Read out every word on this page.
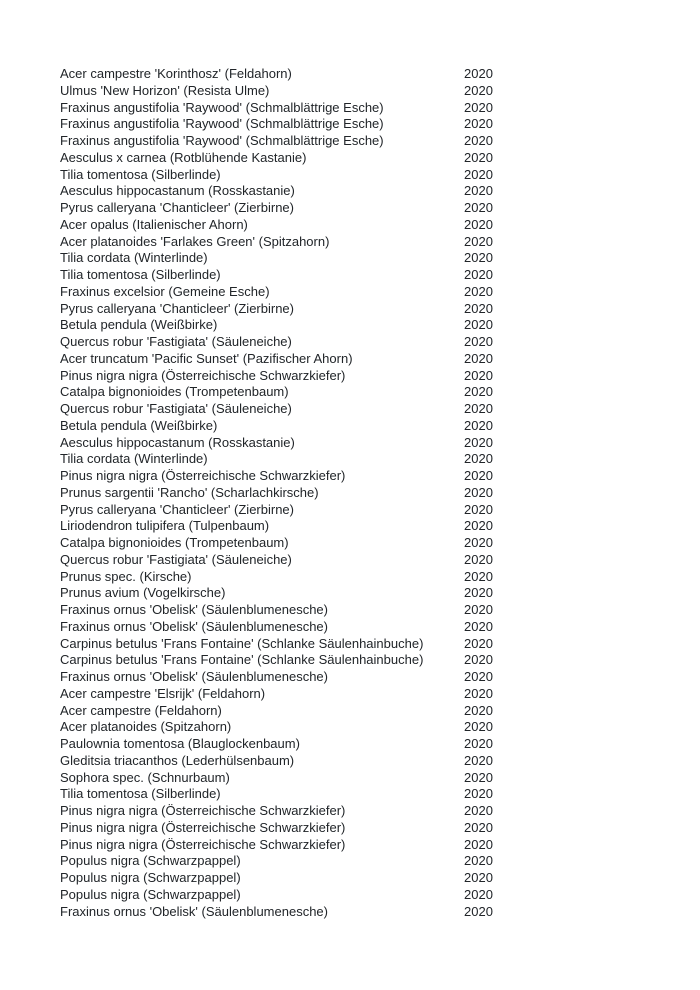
Acer campestre 'Korinthosz' (Feldahorn)	2020
Ulmus 'New Horizon' (Resista Ulme)	2020
Fraxinus angustifolia 'Raywood' (Schmalblättrige Esche)	2020
Fraxinus angustifolia 'Raywood' (Schmalblättrige Esche)	2020
Fraxinus angustifolia 'Raywood' (Schmalblättrige Esche)	2020
Aesculus x carnea (Rotblühende Kastanie)	2020
Tilia tomentosa (Silberlinde)	2020
Aesculus hippocastanum (Rosskastanie)	2020
Pyrus calleryana 'Chanticleer' (Zierbirne)	2020
Acer opalus (Italienischer Ahorn)	2020
Acer platanoides 'Farlakes Green' (Spitzahorn)	2020
Tilia cordata (Winterlinde)	2020
Tilia tomentosa (Silberlinde)	2020
Fraxinus excelsior (Gemeine Esche)	2020
Pyrus calleryana 'Chanticleer' (Zierbirne)	2020
Betula pendula (Weißbirke)	2020
Quercus robur 'Fastigiata' (Säuleneiche)	2020
Acer truncatum 'Pacific Sunset' (Pazifischer Ahorn)	2020
Pinus nigra nigra (Österreichische Schwarzkiefer)	2020
Catalpa bignonioides (Trompetenbaum)	2020
Quercus robur 'Fastigiata' (Säuleneiche)	2020
Betula pendula (Weißbirke)	2020
Aesculus hippocastanum (Rosskastanie)	2020
Tilia cordata (Winterlinde)	2020
Pinus nigra nigra (Österreichische Schwarzkiefer)	2020
Prunus sargentii 'Rancho' (Scharlachkirsche)	2020
Pyrus calleryana 'Chanticleer' (Zierbirne)	2020
Liriodendron tulipifera (Tulpenbaum)	2020
Catalpa bignonioides (Trompetenbaum)	2020
Quercus robur 'Fastigiata' (Säuleneiche)	2020
Prunus spec. (Kirsche)	2020
Prunus avium (Vogelkirsche)	2020
Fraxinus ornus 'Obelisk' (Säulenblumenesche)	2020
Fraxinus ornus 'Obelisk' (Säulenblumenesche)	2020
Carpinus betulus 'Frans Fontaine' (Schlanke Säulenhainbuche)	2020
Carpinus betulus 'Frans Fontaine' (Schlanke Säulenhainbuche)	2020
Fraxinus ornus 'Obelisk' (Säulenblumenesche)	2020
Acer campestre 'Elsrijk' (Feldahorn)	2020
Acer campestre (Feldahorn)	2020
Acer platanoides (Spitzahorn)	2020
Paulownia tomentosa (Blauglockenbaum)	2020
Gleditsia triacanthos (Lederhülsenbaum)	2020
Sophora spec. (Schnurbaum)	2020
Tilia tomentosa (Silberlinde)	2020
Pinus nigra nigra (Österreichische Schwarzkiefer)	2020
Pinus nigra nigra (Österreichische Schwarzkiefer)	2020
Pinus nigra nigra (Österreichische Schwarzkiefer)	2020
Populus nigra (Schwarzpappel)	2020
Populus nigra (Schwarzpappel)	2020
Populus nigra (Schwarzpappel)	2020
Fraxinus ornus 'Obelisk' (Säulenblumenesche)	2020
